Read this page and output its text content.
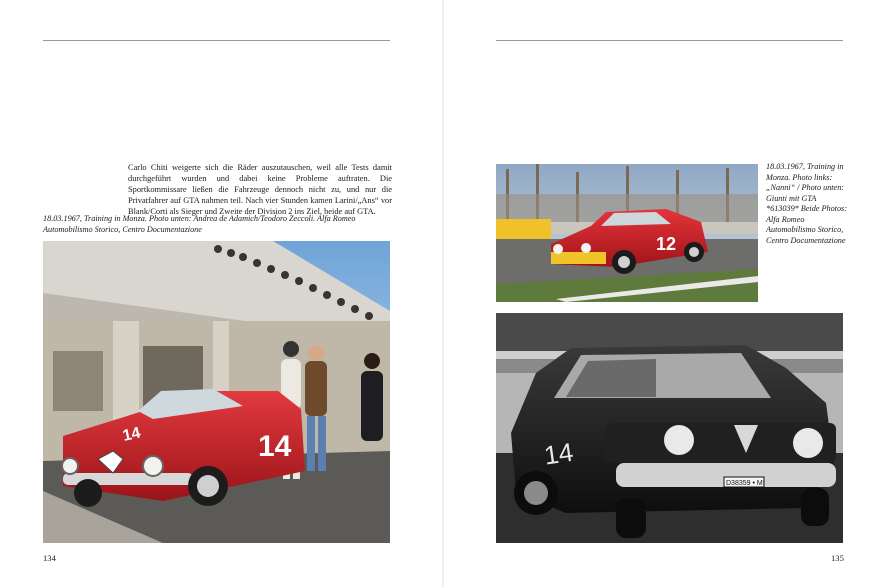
Carlo Chiti weigerte sich die Räder auszutauschen, weil alle Tests damit durchgeführt wurden und dabei keine Probleme auftraten. Die Sportkommissare ließen die Fahrzeuge dennoch nicht zu, und nur die Privatfahrer auf GTA nahmen teil. Nach vier Stunden kamen Larini/„Ans“ vor Blank/Corti als Sieger und Zweite der Division 2 ins Ziel, beide auf GTA.

18.03.1967, Training in Monza. Photo unten: Andrea de Adamich/Teodoro Zeccoli. Alfa Romeo Automobilismo Storico, Centro Documentazione
14
14
134
12
18.03.1967, Training in Monza. Photo links: „Nanni“ / Photo unten: Giunti mit GTA *613039* Beide Photos: Alfa Romeo Automobilismo Storico, Centro Documentazione
D38359 • MI
14
135
